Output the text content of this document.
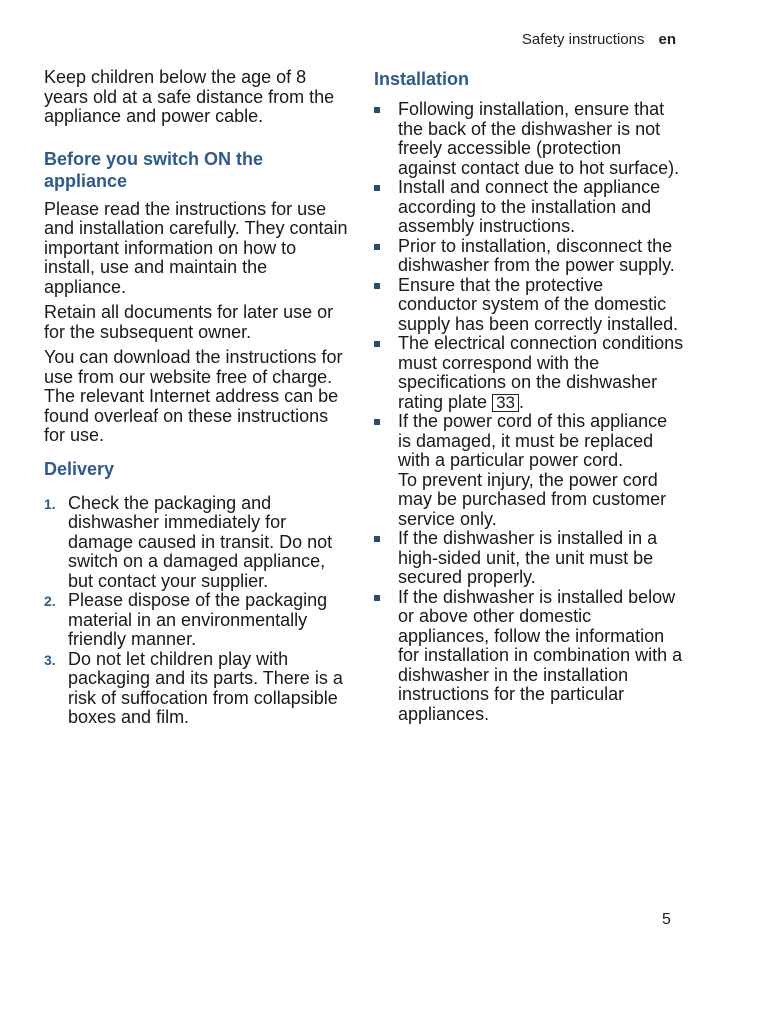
Safety instructions en

Keep children below the age of 8 years old at a safe distance from the appliance and power cable.

Before you switch ON the appliance

Please read the instructions for use and installation carefully. They contain important information on how to install, use and maintain the appliance.

Retain all documents for later use or for the subsequent owner.

You can download the instructions for use from our website free of charge. The relevant Internet address can be found overleaf on these instructions for use.

Delivery
1. Check the packaging and dishwasher immediately for damage caused in transit. Do not switch on a damaged appliance, but contact your supplier.
2. Please dispose of the packaging material in an environmentally friendly manner.
3. Do not let children play with packaging and its parts. There is a risk of suffocation from collapsible boxes and film.
Installation
Following installation, ensure that the back of the dishwasher is not freely accessible (protection against contact due to hot surface).
Install and connect the appliance according to the installation and assembly instructions.
Prior to installation, disconnect the dishwasher from the power supply.
Ensure that the protective conductor system of the domestic supply has been correctly installed.
The electrical connection conditions must correspond with the specifications on the dishwasher rating plate 33 .
If the power cord of this appliance is damaged, it must be replaced with a particular power cord.
To prevent injury, the power cord may be purchased from customer service only.
If the dishwasher is installed in a high-sided unit, the unit must be secured properly.
If the dishwasher is installed below or above other domestic appliances, follow the information for installation in combination with a dishwasher in the installation instructions for the particular appliances.
5
